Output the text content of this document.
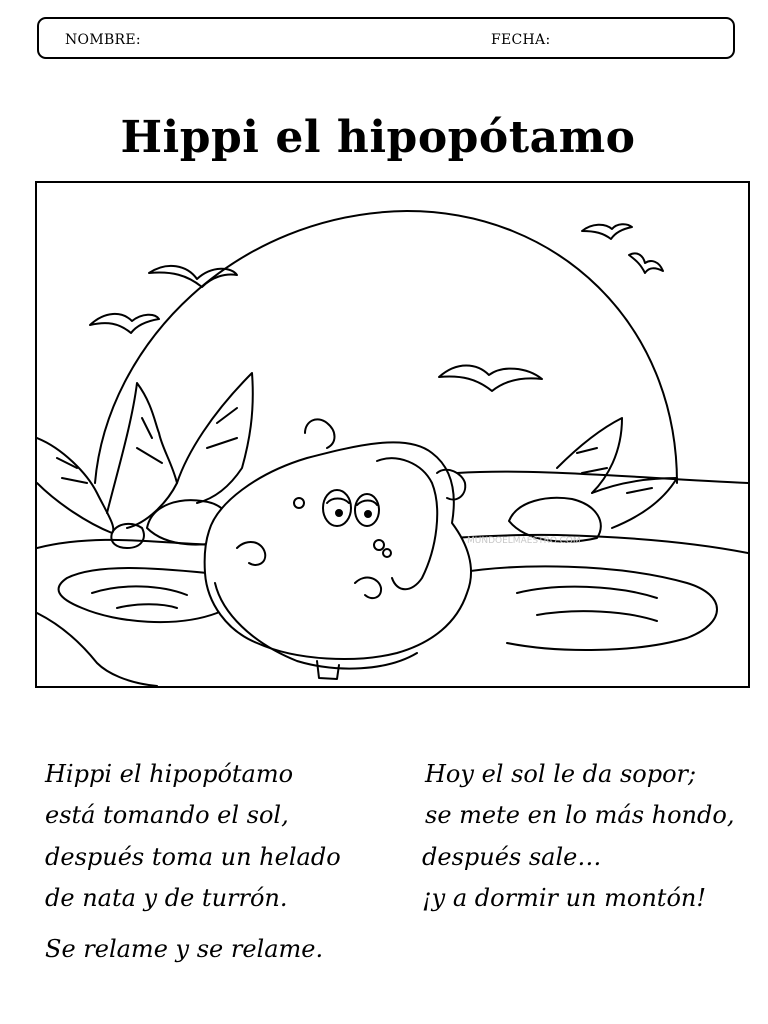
NOMBRE:	FECHA:
Hippi el hipopótamo
MUNDOELMAESTRO.COM
Hippi el hipopótamo
está tomando el sol,
después toma un helado
de nata y de turrón.
Hoy el sol le da sopor;
se mete en lo más hondo,
después sale…
¡y a dormir un montón!
Se relame y se relame.
